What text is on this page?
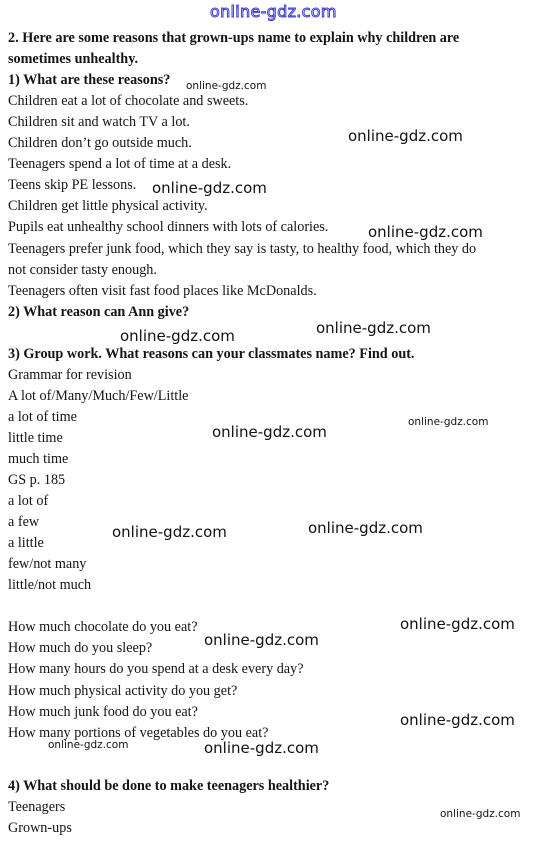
online-gdz.com
2. Here are some reasons that grown-ups name to explain why children are
sometimes unhealthy.
1) What are these reasons?
Children eat a lot of chocolate and sweets.
Children sit and watch TV a lot.
Children don’t go outside much.
Teenagers spend a lot of time at a desk.
Teens skip PE lessons.
Children get little physical activity.
Pupils eat unhealthy school dinners with lots of calories.
Teenagers prefer junk food, which they say is tasty, to healthy food, which they do
not consider tasty enough.
Teenagers often visit fast food places like McDonalds.
2) What reason can Ann give?
3) Group work. What reasons can your classmates name? Find out.
Grammar for revision
A lot of/Many/Much/Few/Little
a lot of time
little time
much time
GS p. 185
a lot of
a few
a little
few/not many
little/not much
How much chocolate do you eat?
How much do you sleep?
How many hours do you spend at a desk every day?
How much physical activity do you get?
How much junk food do you eat?
How many portions of vegetables do you eat?
4) What should be done to make teenagers healthier?
Teenagers
Grown-ups
online-gdz.com
online-gdz.com
online-gdz.com
online-gdz.com
online-gdz.com
online-gdz.com
online-gdz.com
online-gdz.com
online-gdz.com
online-gdz.com
online-gdz.com
online-gdz.com
online-gdz.com
online-gdz.com	online-gdz.com
online-gdz.com
